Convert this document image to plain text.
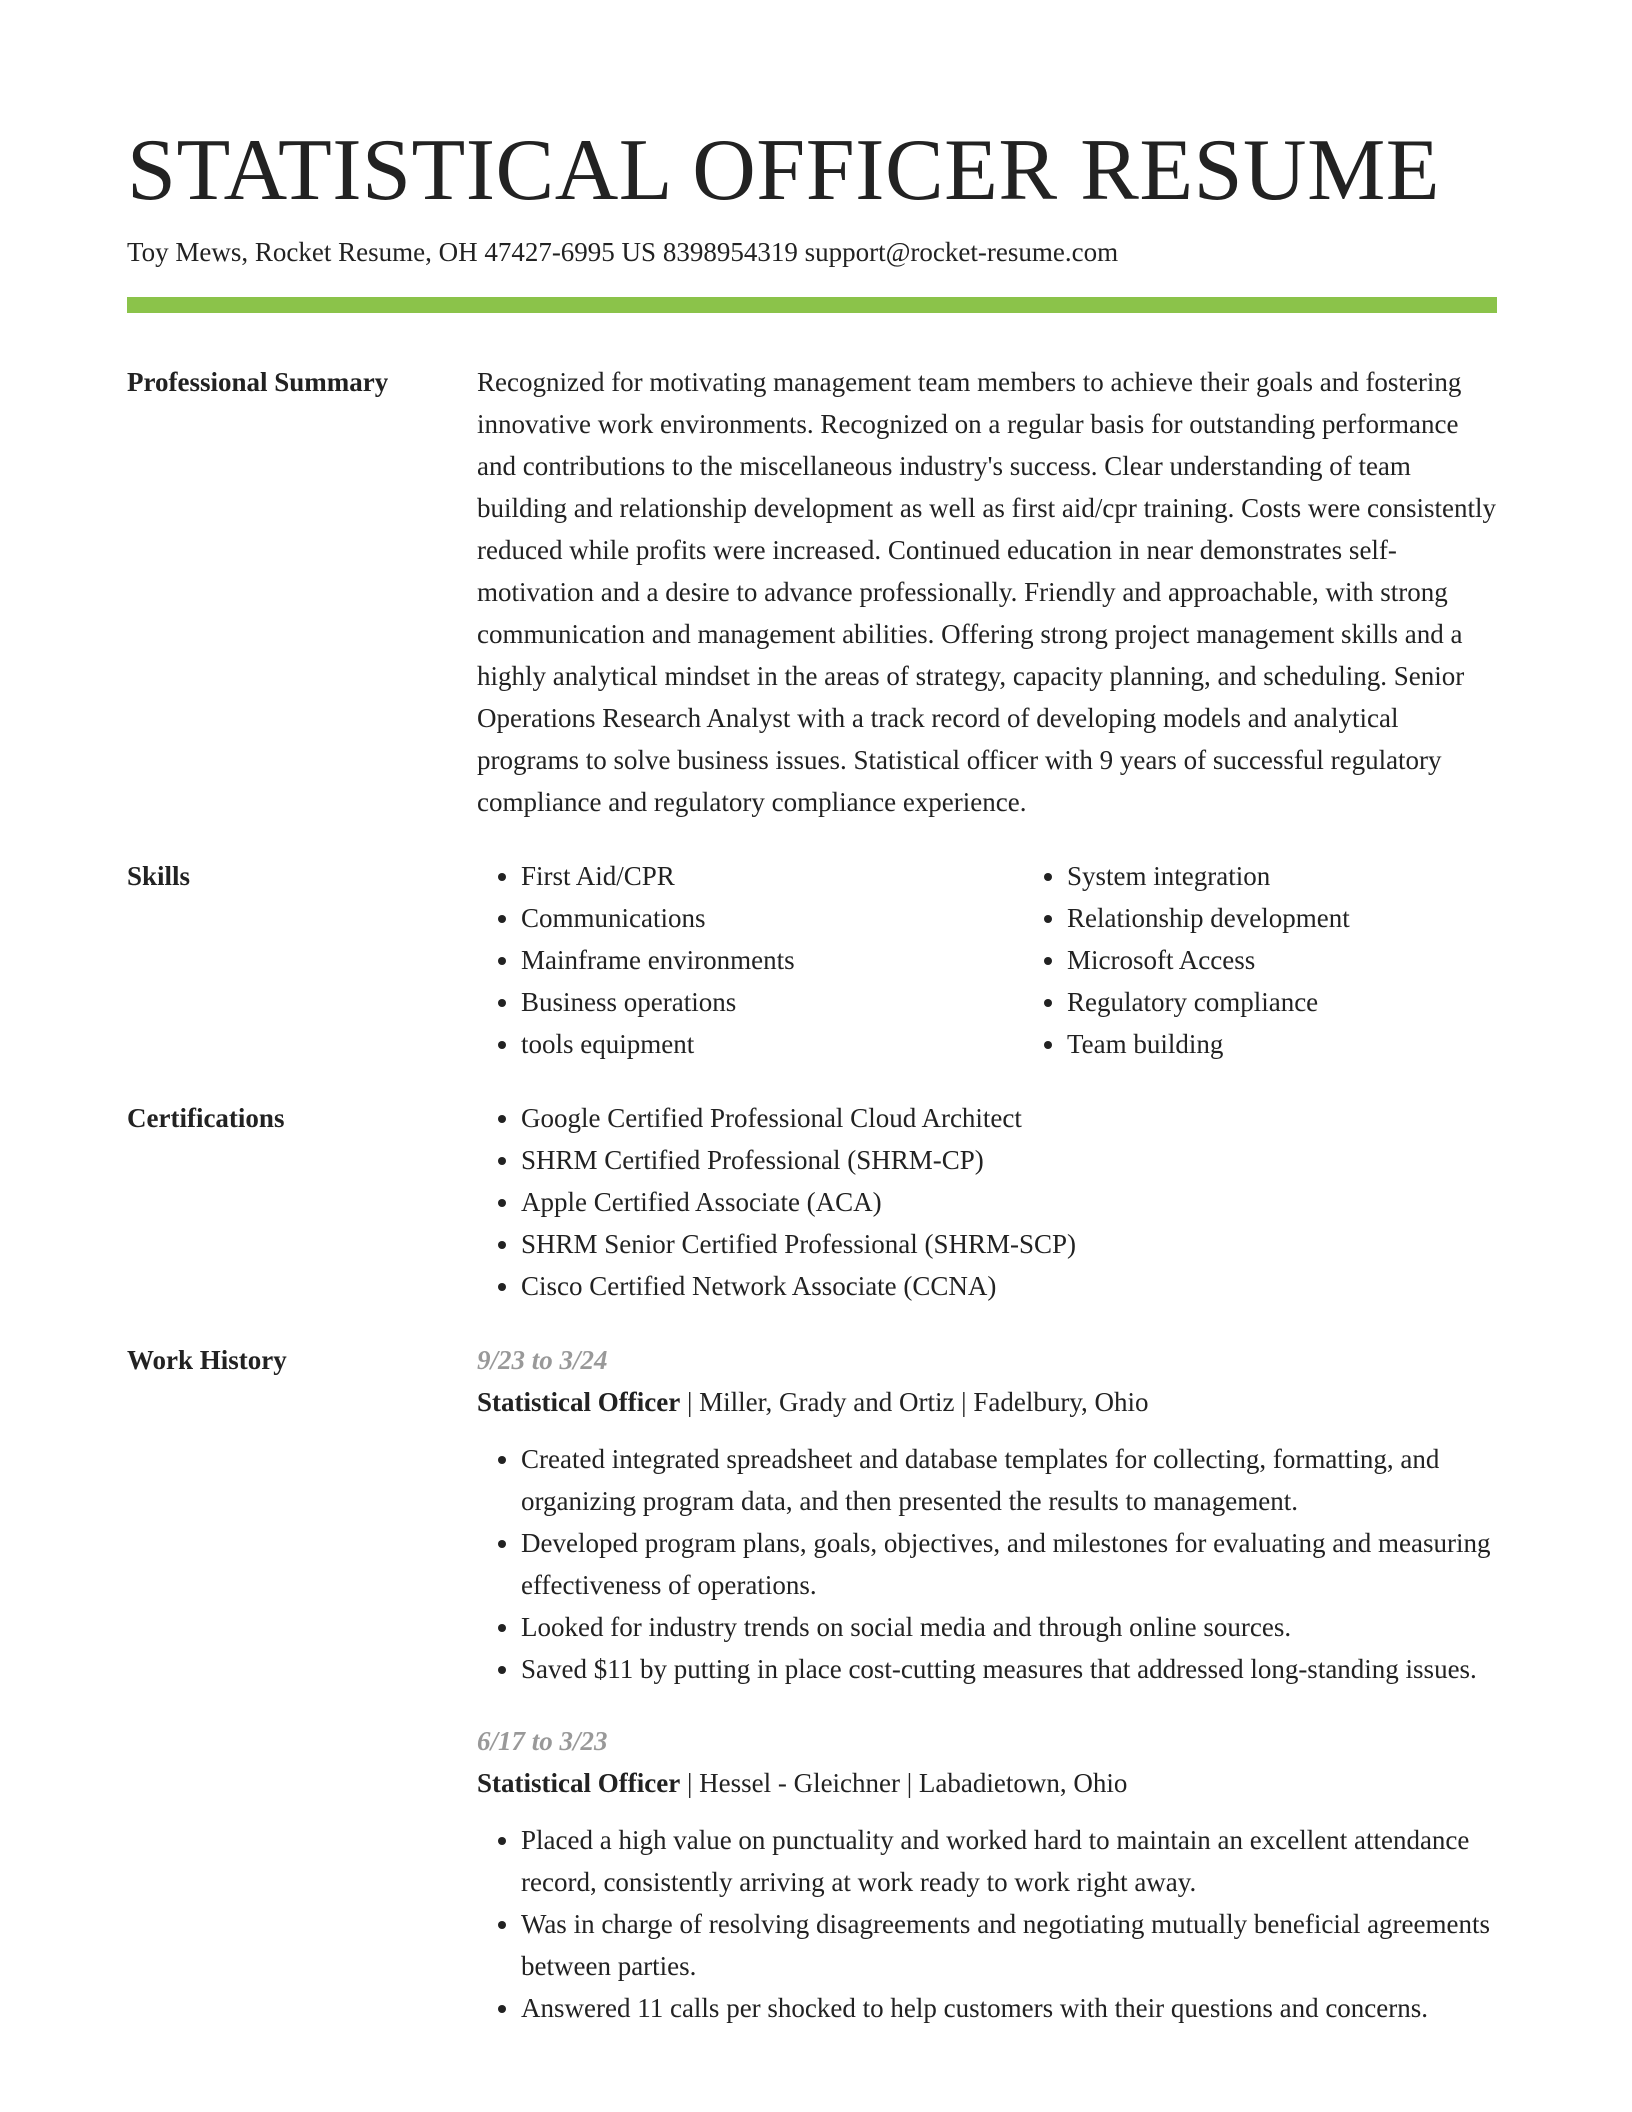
STATISTICAL OFFICER RESUME
Toy Mews, Rocket Resume, OH 47427-6995 US 8398954319 support@rocket-resume.com
Professional Summary	Recognized for motivating management team members to achieve their goals and fostering innovative work environments. Recognized on a regular basis for outstanding performance and contributions to the miscellaneous industry's success. Clear understanding of team building and relationship development as well as first aid/cpr training. Costs were consistently reduced while profits were increased. Continued education in near demonstrates self-motivation and a desire to advance professionally. Friendly and approachable, with strong communication and management abilities. Offering strong project management skills and a highly analytical mindset in the areas of strategy, capacity planning, and scheduling. Senior Operations Research Analyst with a track record of developing models and analytical programs to solve business issues. Statistical officer with 9 years of successful regulatory compliance and regulatory compliance experience.

Skills	• First Aid/CPR
• Communications
• Mainframe environments
• Business operations
• tools equipment
• System integration
• Relationship development
• Microsoft Access
• Regulatory compliance
• Team building
Certifications	• Google Certified Professional Cloud Architect
• SHRM Certified Professional (SHRM-CP)
• Apple Certified Associate (ACA)
• SHRM Senior Certified Professional (SHRM-SCP)
• Cisco Certified Network Associate (CCNA)
Work History	9/23 to 3/24
Statistical Officer | Miller, Grady and Ortiz | Fadelbury, Ohio
• Created integrated spreadsheet and database templates for collecting, formatting, and organizing program data, and then presented the results to management.
• Developed program plans, goals, objectives, and milestones for evaluating and measuring effectiveness of operations.
• Looked for industry trends on social media and through online sources.
• Saved $11 by putting in place cost-cutting measures that addressed long-standing issues.
6/17 to 3/23
Statistical Officer | Hessel - Gleichner | Labadietown, Ohio
• Placed a high value on punctuality and worked hard to maintain an excellent attendance record, consistently arriving at work ready to work right away.
• Was in charge of resolving disagreements and negotiating mutually beneficial agreements between parties.
• Answered 11 calls per shocked to help customers with their questions and concerns.
